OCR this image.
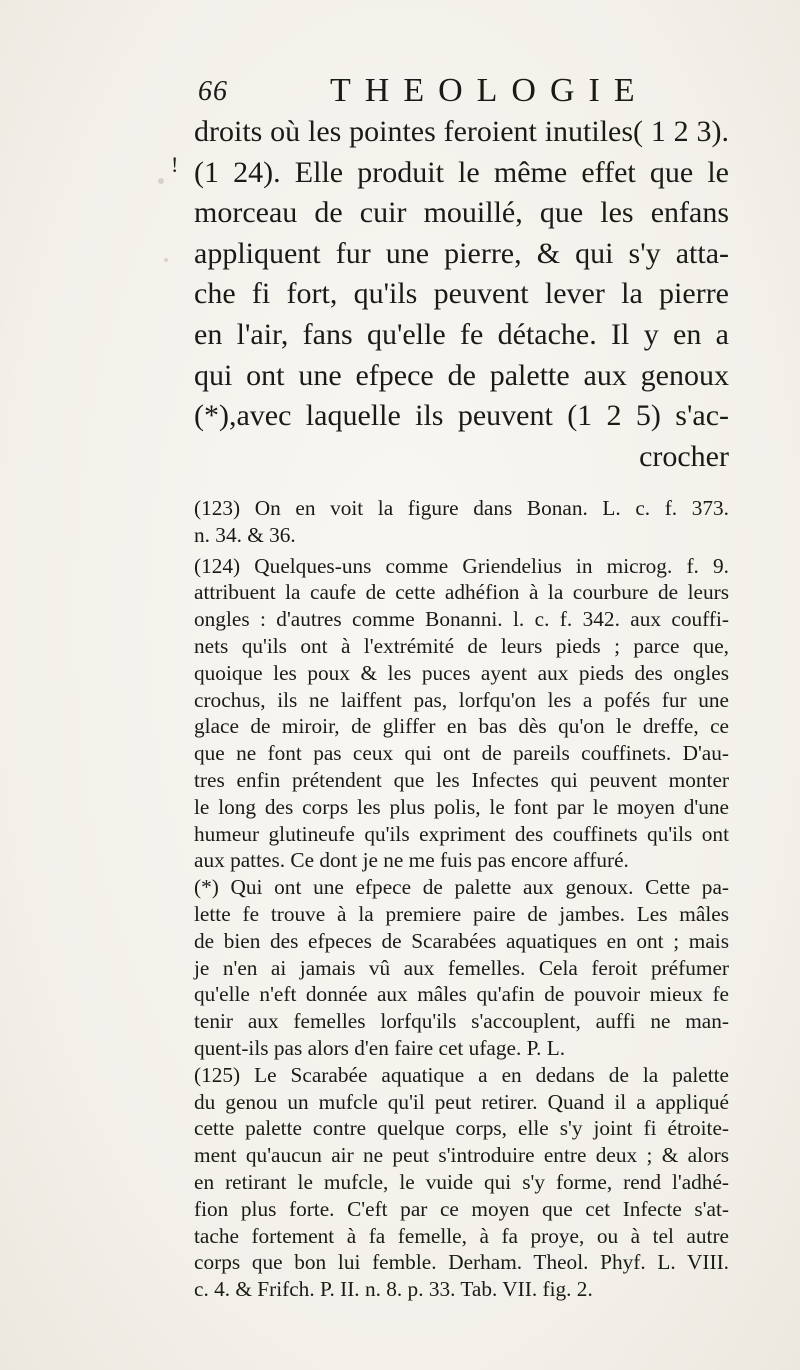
66	THEOLOGIE
!
droits où les pointes feroient inutiles( 1 2 3).
(1 24). Elle produit le même effet que le
morceau de cuir mouillé, que les enfans
appliquent fur une pierre, & qui s'y atta-
che fi fort, qu'ils peuvent lever la pierre
en l'air, fans qu'elle fe détache. Il y en a
qui ont une efpece de palette aux genoux
(*),avec laquelle ils peuvent (1 2 5) s'ac-
crocher
(123) On en voit la figure dans Bonan. L. c. f. 373.
n. 34. & 36.
(124) Quelques-uns comme Griendelius in microg. f. 9.
attribuent la caufe de cette adhéfion à la courbure de leurs
ongles : d'autres comme Bonanni. l. c. f. 342. aux couffi-
nets qu'ils ont à l'extrémité de leurs pieds ; parce que,
quoique les poux & les puces ayent aux pieds des ongles
crochus, ils ne laiffent pas, lorfqu'on les a pofés fur une
glace de miroir, de gliffer en bas dès qu'on le dreffe, ce
que ne font pas ceux qui ont de pareils couffinets. D'au-
tres enfin prétendent que les Infectes qui peuvent monter
le long des corps les plus polis, le font par le moyen d'une
humeur glutineufe qu'ils expriment des couffinets qu'ils ont
aux pattes. Ce dont je ne me fuis pas encore affuré.
(*) Qui ont une efpece de palette aux genoux. Cette pa-
lette fe trouve à la premiere paire de jambes. Les mâles
de bien des efpeces de Scarabées aquatiques en ont ; mais
je n'en ai jamais vû aux femelles. Cela feroit préfumer
qu'elle n'eft donnée aux mâles qu'afin de pouvoir mieux fe
tenir aux femelles lorfqu'ils s'accouplent, auffi ne man-
quent-ils pas alors d'en faire cet ufage. P. L.
(125) Le Scarabée aquatique a en dedans de la palette
du genou un mufcle qu'il peut retirer. Quand il a appliqué
cette palette contre quelque corps, elle s'y joint fi étroite-
ment qu'aucun air ne peut s'introduire entre deux ; & alors
en retirant le mufcle, le vuide qui s'y forme, rend l'adhé-
fion plus forte. C'eft par ce moyen que cet Infecte s'at-
tache fortement à fa femelle, à fa proye, ou à tel autre
corps que bon lui femble. Derham. Theol. Phyf. L. VIII.
c. 4. & Frifch. P. II. n. 8. p. 33. Tab. VII. fig. 2.
